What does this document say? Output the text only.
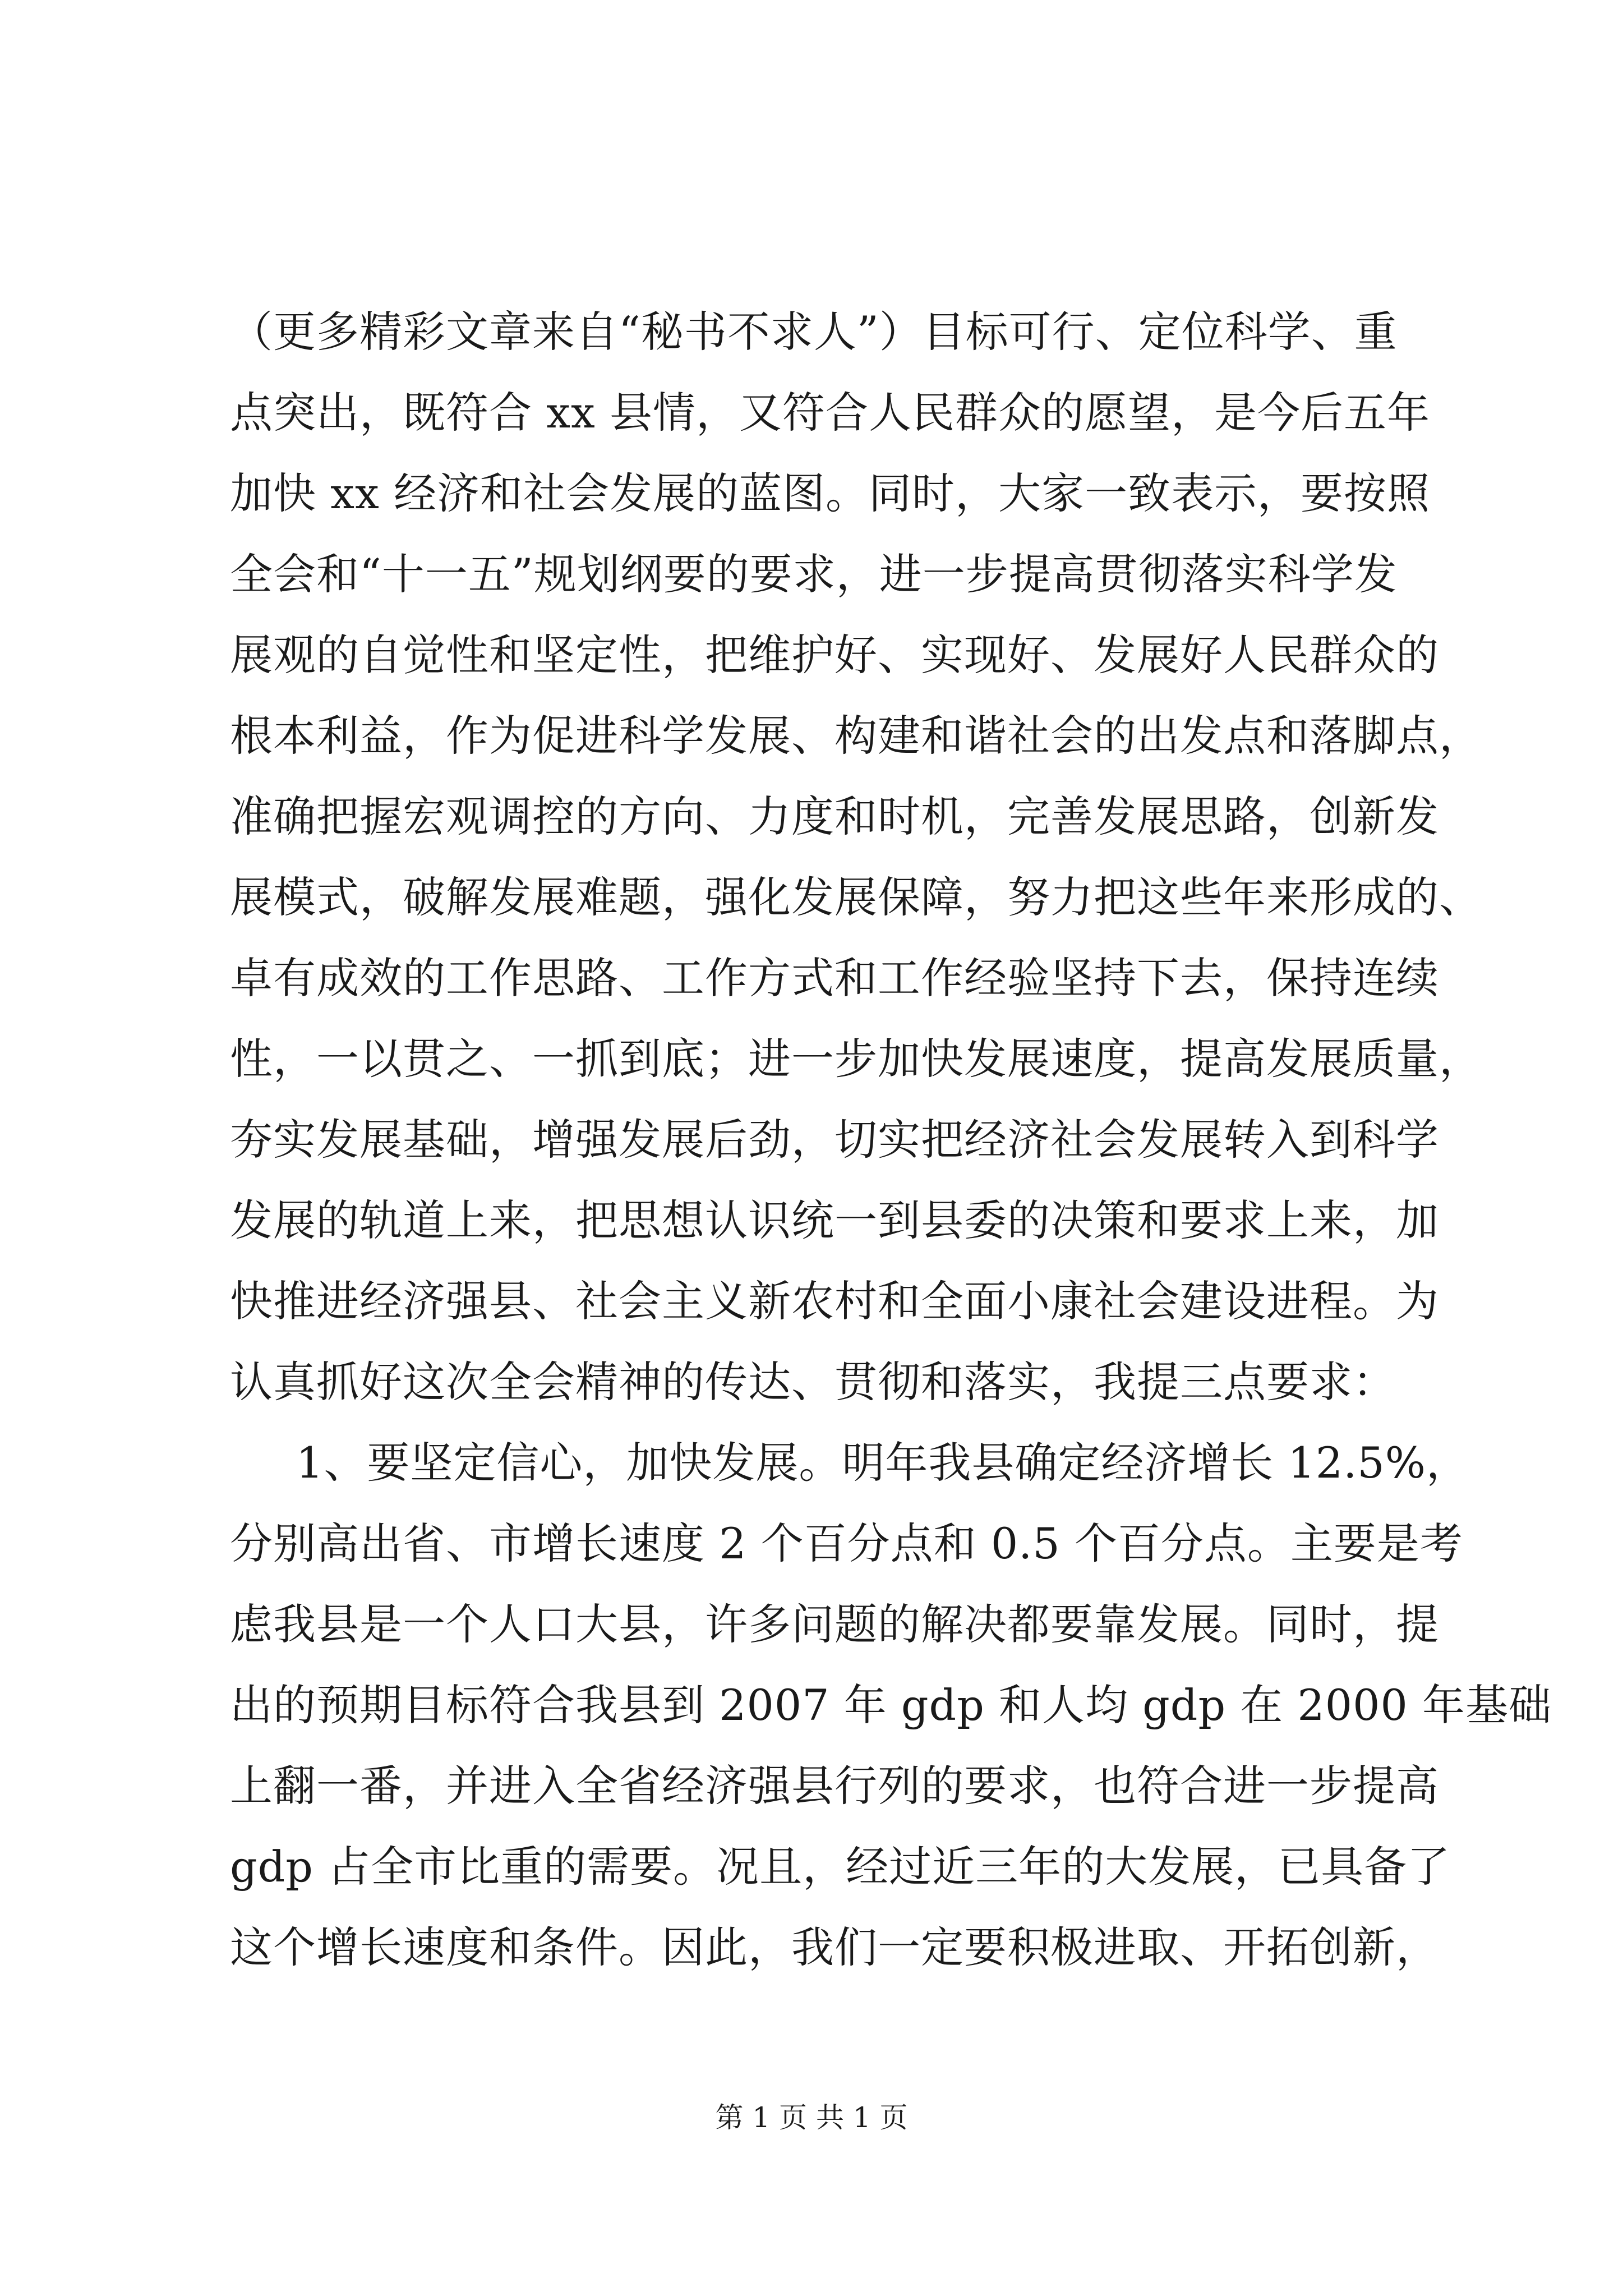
（更多精彩文章来自“秘书不求人”）目标可行、定位科学、重
点突出，既符合 xx 县情，又符合人民群众的愿望，是今后五年
加快 xx 经济和社会发展的蓝图。同时，大家一致表示，要按照
全会和“十一五”规划纲要的要求，进一步提高贯彻落实科学发
展观的自觉性和坚定性，把维护好、实现好、发展好人民群众的
根本利益，作为促进科学发展、构建和谐社会的出发点和落脚点，
准确把握宏观调控的方向、力度和时机，完善发展思路，创新发
展模式，破解发展难题，强化发展保障，努力把这些年来形成的、
卓有成效的工作思路、工作方式和工作经验坚持下去，保持连续
性，一以贯之、一抓到底；进一步加快发展速度，提高发展质量，
夯实发展基础，增强发展后劲，切实把经济社会发展转入到科学
发展的轨道上来，把思想认识统一到县委的决策和要求上来，加
快推进经济强县、社会主义新农村和全面小康社会建设进程。为
认真抓好这次全会精神的传达、贯彻和落实，我提三点要求：
1、要坚定信心，加快发展。明年我县确定经济增长 12.5%，
分别高出省、市增长速度 2 个百分点和 0.5 个百分点。主要是考
虑我县是一个人口大县，许多问题的解决都要靠发展。同时，提
出的预期目标符合我县到 2007 年 gdp 和人均 gdp 在 2000 年基础
上翻一番，并进入全省经济强县行列的要求，也符合进一步提高
gdp 占全市比重的需要。况且，经过近三年的大发展，已具备了
这个增长速度和条件。因此，我们一定要积极进取、开拓创新，
第 1 页 共 1 页
